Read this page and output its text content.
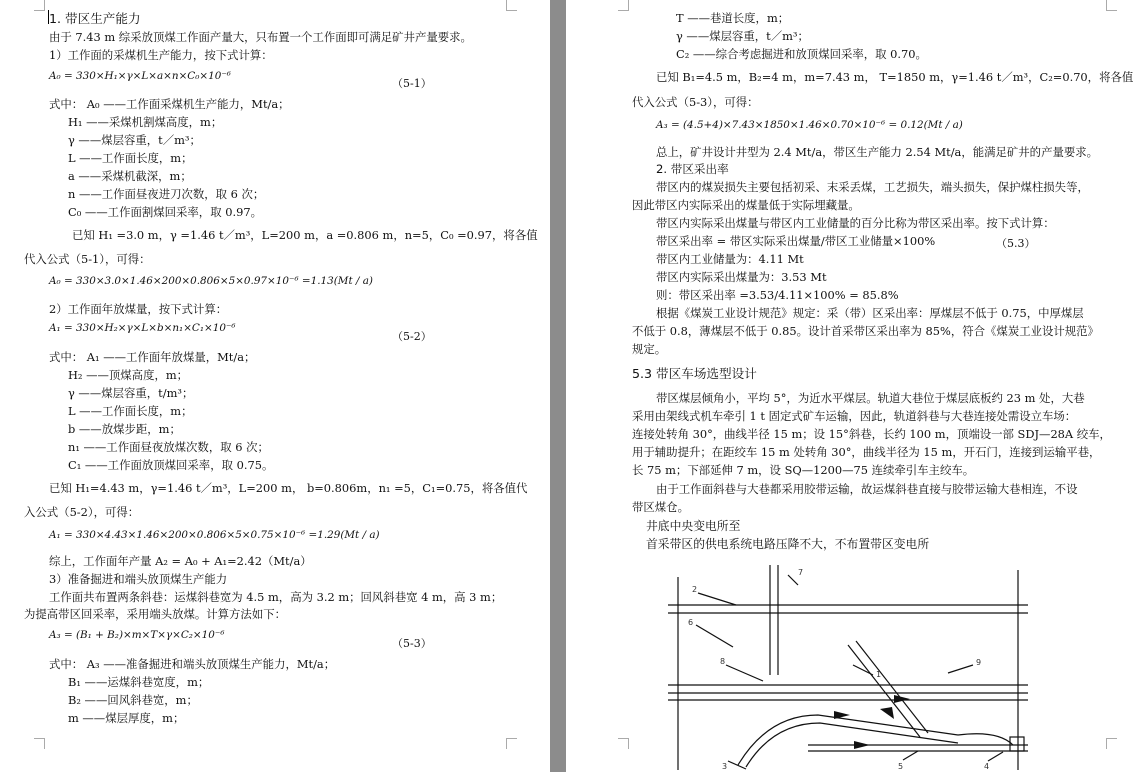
1. 带区生产能力
由于 7.43 m 综采放顶煤工作面产量大，只布置一个工作面即可满足矿井产量要求。
1）工作面的采煤机生产能力，按下式计算：
A₀ = 330×H₁×γ×L×a×n×C₀×10⁻⁶
（5-1）
式中： A₀ ——工作面采煤机生产能力，Mt/a；
H₁ ——采煤机割煤高度，m；
γ ——煤层容重，t／m³；
L ——工作面长度，m；
a ——采煤机截深，m；
n ——工作面昼夜进刀次数，取 6 次；
C₀ ——工作面割煤回采率，取 0.97。
已知 H₁ =3.0 m，γ =1.46 t／m³，L=200 m，a =0.806 m，n=5，C₀ =0.97，将各值
代入公式（5-1），可得：
A₀ = 330×3.0×1.46×200×0.806×5×0.97×10⁻⁶ =1.13(Mt / a)
2）工作面年放煤量，按下式计算：
A₁ = 330×H₂×γ×L×b×n₁×C₁×10⁻⁶
（5-2）
式中： A₁ ——工作面年放煤量，Mt/a；
H₂ ——顶煤高度，m；
γ ——煤层容重，t/m³；
L ——工作面长度，m；
b ——放煤步距，m；
n₁ ——工作面昼夜放煤次数，取 6 次；
C₁ ——工作面放顶煤回采率，取 0.75。
已知 H₁=4.43 m，γ=1.46 t／m³，L=200 m， b=0.806m，n₁ =5，C₁=0.75，将各值代
入公式（5-2），可得：
A₁ = 330×4.43×1.46×200×0.806×5×0.75×10⁻⁶ =1.29(Mt / a)
综上，工作面年产量 A₂ = A₀ + A₁=2.42（Mt/a）
3）准备掘进和端头放顶煤生产能力
工作面共布置两条斜巷：运煤斜巷宽为 4.5 m，高为 3.2 m；回风斜巷宽 4 m，高 3 m；
为提高带区回采率，采用端头放煤。计算方法如下：
A₃ = (B₁ + B₂)×m×T×γ×C₂×10⁻⁶
（5-3）
式中： A₃ ——准备掘进和端头放顶煤生产能力，Mt/a；
B₁ ——运煤斜巷宽度，m；
B₂ ——回风斜巷宽，m；
m ——煤层厚度，m；
T ——巷道长度，m；
γ ——煤层容重，t／m³；
C₂ ——综合考虑掘进和放顶煤回采率，取 0.70。
已知 B₁=4.5 m，B₂=4 m，m=7.43 m， T=1850 m，γ=1.46 t／m³，C₂=0.70，将各值
代入公式（5-3），可得：
A₃ = (4.5+4)×7.43×1850×1.46×0.70×10⁻⁶ = 0.12(Mt / a)
总上，矿井设计井型为 2.4 Mt/a，带区生产能力 2.54 Mt/a，能满足矿井的产量要求。
2. 带区采出率
带区内的煤炭损失主要包括初采、末采丢煤，工艺损失，端头损失，保护煤柱损失等，
因此带区内实际采出的煤量低于实际埋藏量。
带区内实际采出煤量与带区内工业储量的百分比称为带区采出率。按下式计算：
带区采出率 = 带区实际采出煤量/带区工业储量×100%	（5.3）
带区内工业储量为：4.11 Mt
带区内实际采出煤量为：3.53 Mt
则：带区采出率 =3.53/4.11×100% = 85.8%
根据《煤炭工业设计规范》规定：采（带）区采出率：厚煤层不低于 0.75，中厚煤层
不低于 0.8，薄煤层不低于 0.85。设计首采带区采出率为 85%，符合《煤炭工业设计规范》
规定。
5.3 带区车场选型设计
带区煤层倾角小，平均 5°，为近水平煤层。轨道大巷位于煤层底板约 23 m 处，大巷
采用由架线式机车牵引 1 t 固定式矿车运输，因此，轨道斜巷与大巷连接处需设立车场：
连接处转角 30°，曲线半径 15 m；设 15°斜巷，长约 100 m，顶端设一部 SDJ—28A 绞车，
用于辅助提升；在距绞车 15 m 处转角 30°，曲线半径为 15 m，开石门，连接到运输平巷，
长 75 m；下部延伸 7 m，设 SQ—1200—75 连续牵引车主绞车。
由于工作面斜巷与大巷都采用胶带运输，故运煤斜巷直接与胶带运输大巷相连，不设
带区煤仓。
井底中央变电所至
首采带区的供电系统电路压降不大，不布置带区变电所
2
6
8
7
9
3	5	4
1
